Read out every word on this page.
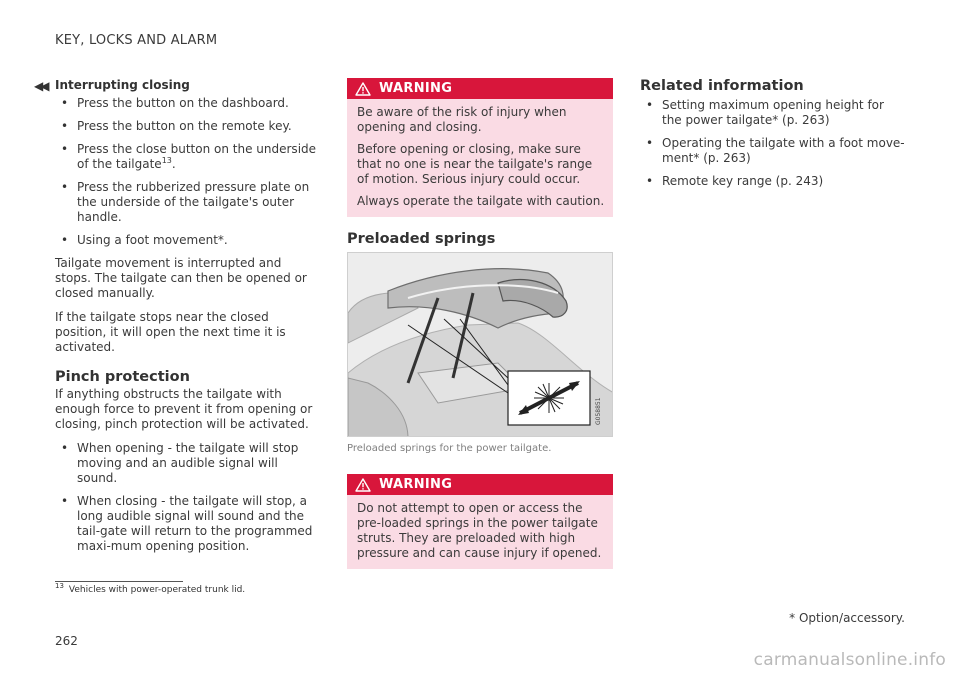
KEY, LOCKS AND ALARM
◀◀ Interrupting closing
• Press the button on the dashboard.
• Press the button on the remote key.
• Press the close button on the underside of the tailgate$^{13}$.
• Press the rubberized pressure plate on the underside of the tailgate's outer handle.
• Using a foot movement*.

Tailgate movement is interrupted and stops. The tailgate can then be opened or closed manually.

If the tailgate stops near the closed position, it will open the next time it is activated.

Pinch protection

If anything obstructs the tailgate with enough force to prevent it from opening or closing, pinch protection will be activated.

• When opening - the tailgate will stop moving and an audible signal will sound.
• When closing - the tailgate will stop, a long audible signal will sound and the tail-gate will return to the programmed maxi-mum opening position.
WARNING

Be aware of the risk of injury when opening and closing.

Before opening or closing, make sure that no one is near the tailgate's range of motion. Serious injury could occur.

Always operate the tailgate with caution.

Preloaded springs
G058851
Preloaded springs for the power tailgate.
WARNING

Do not attempt to open or access the pre-loaded springs in the power tailgate struts. They are preloaded with high pressure and can cause injury if opened.

Related information
• Setting maximum opening height for the power tailgate* (p. 263)
• Operating the tailgate with a foot move-ment* (p. 263)
• Remote key range (p. 243)
$^{13}$ Vehicles with power-operated trunk lid.
* Option/accessory.
262
carmanualsonline.info
